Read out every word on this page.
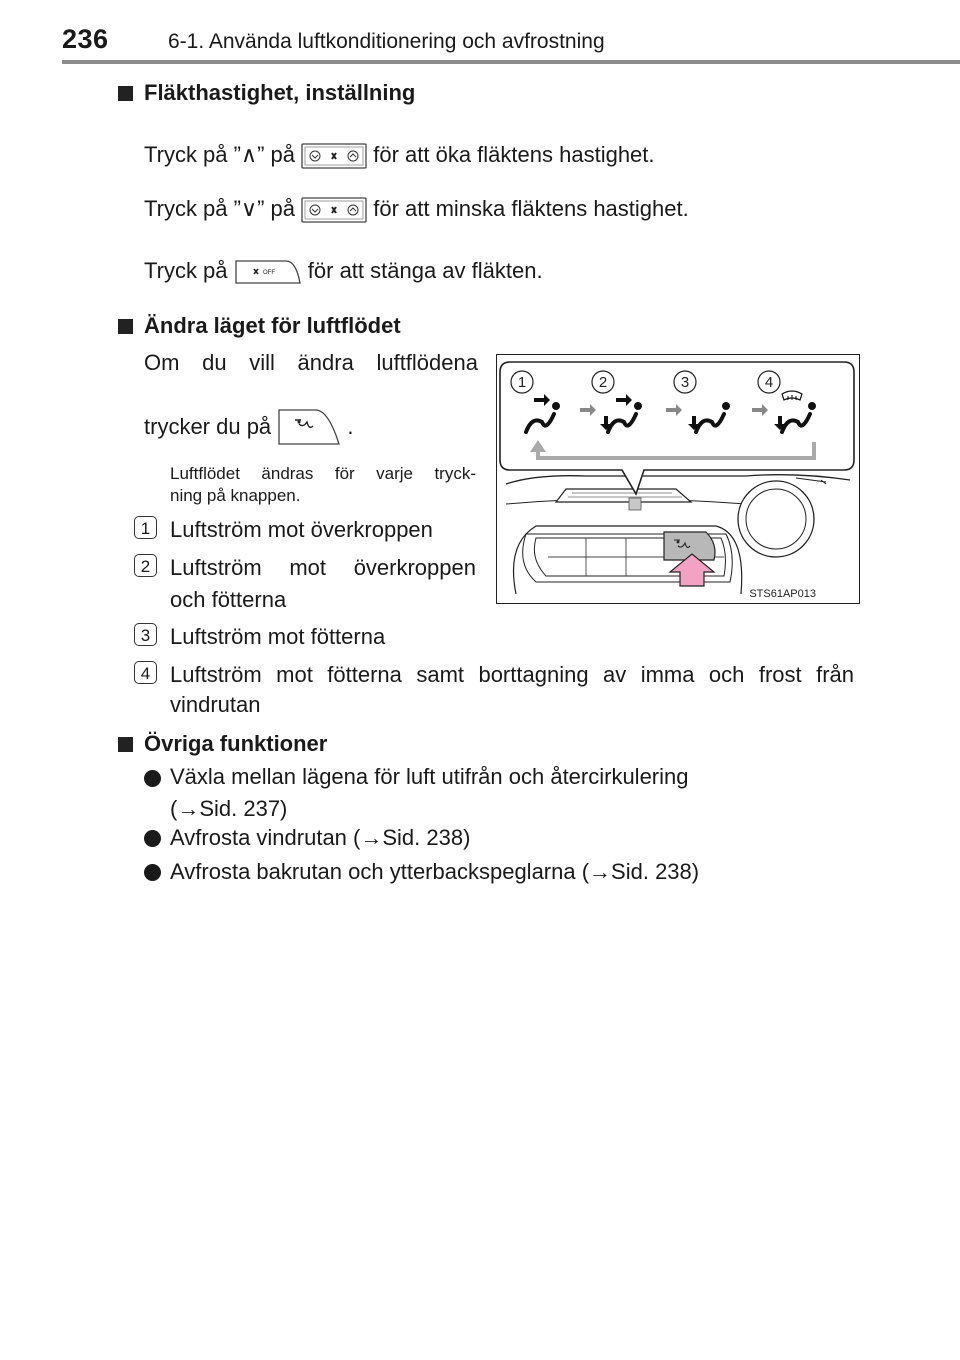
236	6-1. Använda luftkonditionering och avfrostning
Fläkthastighet, inställning
Tryck på ”∧” på	för att öka fläktens hastighet.
Tryck på ”∨” på	för att minska fläktens hastighet.
Tryck på	OFF för att stänga av fläkten.
Ändra läget för luftflödet
Om du vill ändra luftflödena
trycker du på	.
Luftflödet ändras för varje tryck-
ning på knappen.
1 Luftström mot överkroppen
2 Luftström mot överkroppen
och fötterna
3 Luftström mot fötterna
4 Luftström mot fötterna samt borttagning av imma och frost från
vindrutan
1	2	3	4
STS61AP013
Övriga funktioner
Växla mellan lägena för luft utifrån och återcirkulering
(→Sid. 237)
Avfrosta vindrutan (→Sid. 238)
Avfrosta bakrutan och ytterbackspeglarna (→Sid. 238)
